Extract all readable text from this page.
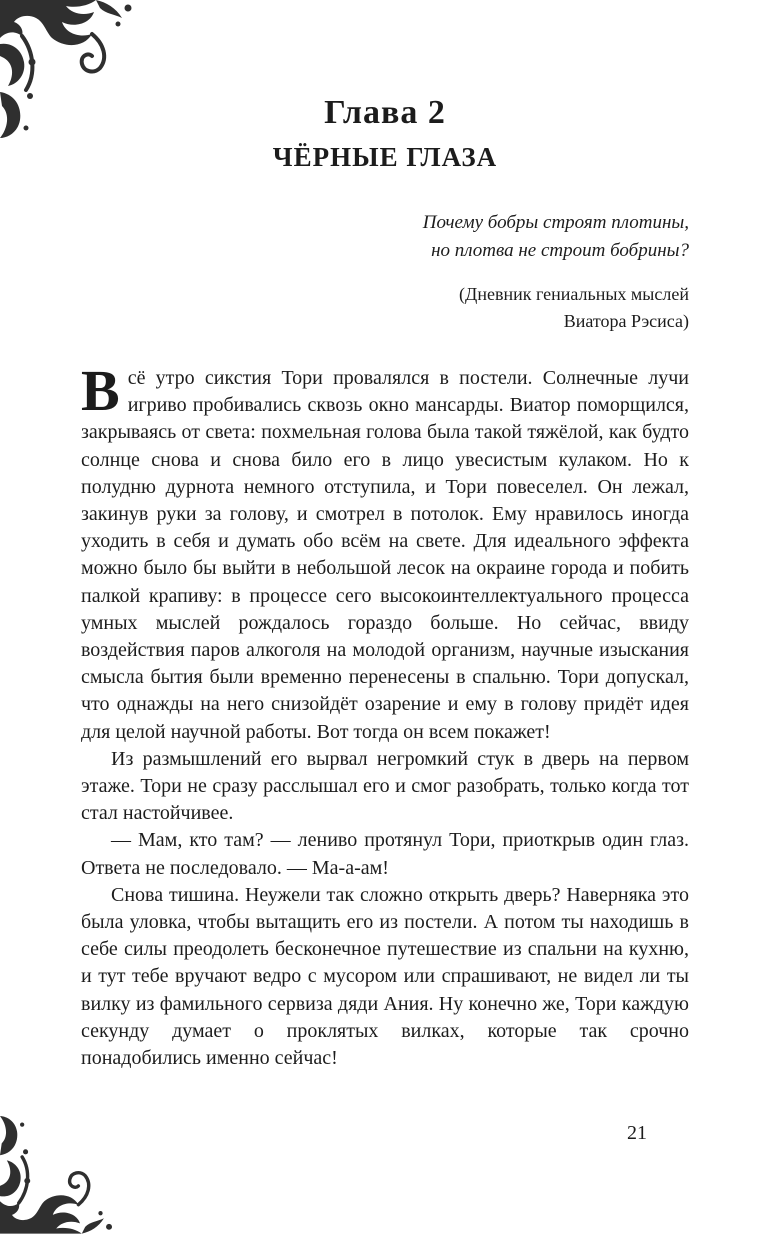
Глава 2
ЧЁРНЫЕ ГЛАЗА
Почему бобры строят плотины,
но плотва не строит бобрины?
(Дневник гениальных мыслей
Виатора Рэсиса)

Всё утро сикстия Тори провалялся в постели. Солнечные лучи игриво пробивались сквозь окно мансарды. Виатор поморщился, закрываясь от света: похмельная голова была такой тяжёлой, как будто солнце снова и снова било его в лицо увесистым кулаком. Но к полудню дурнота немного отступила, и Тори повеселел. Он лежал, закинув руки за голову, и смотрел в потолок. Ему нравилось иногда уходить в себя и думать обо всём на свете. Для идеального эффекта можно было бы выйти в небольшой лесок на окраине города и побить палкой крапиву: в процессе сего высокоинтеллектуального процесса умных мыслей рождалось гораздо больше. Но сейчас, ввиду воздействия паров алкоголя на молодой организм, научные изыскания смысла бытия были временно перенесены в спальню. Тори допускал, что однажды на него снизойдёт озарение и ему в голову придёт идея для целой научной работы. Вот тогда он всем покажет!

Из размышлений его вырвал негромкий стук в дверь на первом этаже. Тори не сразу расслышал его и смог разобрать, только когда тот стал настойчивее.

— Мам, кто там? — лениво протянул Тори, приоткрыв один глаз. Ответа не последовало. — Ма-а-ам!

Снова тишина. Неужели так сложно открыть дверь? Наверняка это была уловка, чтобы вытащить его из постели. А потом ты находишь в себе силы преодолеть бесконечное путешествие из спальни на кухню, и тут тебе вручают ведро с мусором или спрашивают, не видел ли ты вилку из фамильного сервиза дяди Ания. Ну конечно же, Тори каждую секунду думает о проклятых вилках, которые так срочно понадобились именно сейчас!

21
